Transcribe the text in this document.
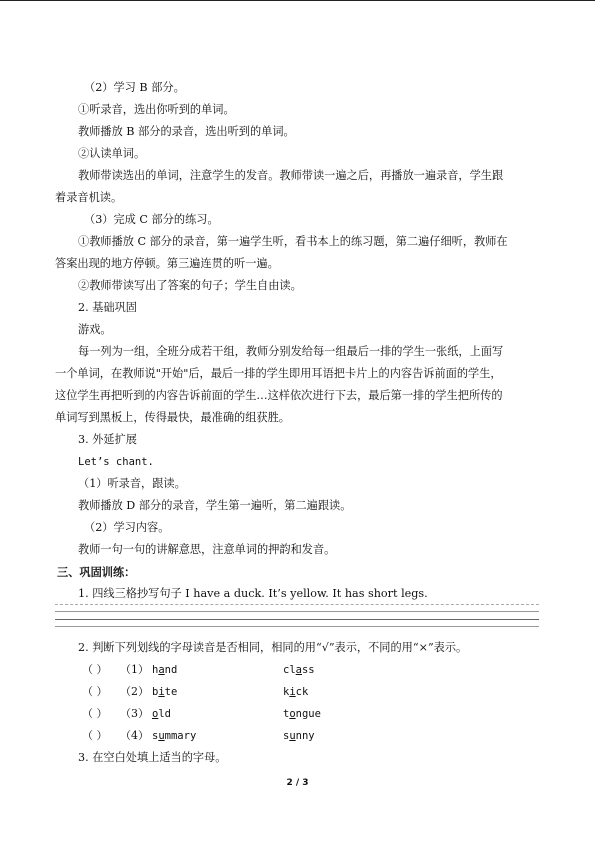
（2）学习 B 部分。
①听录音，选出你听到的单词。
教师播放 B 部分的录音，选出听到的单词。
②认读单词。
教师带读选出的单词，注意学生的发音。教师带读一遍之后，再播放一遍录音，学生跟
着录音机读。
（3）完成 C 部分的练习。
①教师播放 C 部分的录音，第一遍学生听，看书本上的练习题，第二遍仔细听，教师在
答案出现的地方停顿。第三遍连贯的听一遍。
②教师带读写出了答案的句子；学生自由读。
2. 基础巩固
游戏。
每一列为一组，全班分成若干组，教师分别发给每一组最后一排的学生一张纸，上面写
一个单词，在教师说"开始"后，最后一排的学生即用耳语把卡片上的内容告诉前面的学生，
这位学生再把听到的内容告诉前面的学生…这样依次进行下去，最后第一排的学生把所传的
单词写到黑板上，传得最快，最准确的组获胜。
3. 外延扩展
Let’s chant.
（1）听录音，跟读。
教师播放 D 部分的录音，学生第一遍听，第二遍跟读。
（2）学习内容。
教师一句一句的讲解意思，注意单词的押韵和发音。
三、巩固训练：
1. 四线三格抄写句子 I have a duck. It’s yellow. It has short legs.
2. 判断下列划线的字母读音是否相同，相同的用“√”表示，不同的用“×”表示。
（ ） （1） hand	class
（ ） （2） bite	kick
（ ） （3） old	tongue
（ ） （4） summary	sunny
3. 在空白处填上适当的字母。
2 / 3
